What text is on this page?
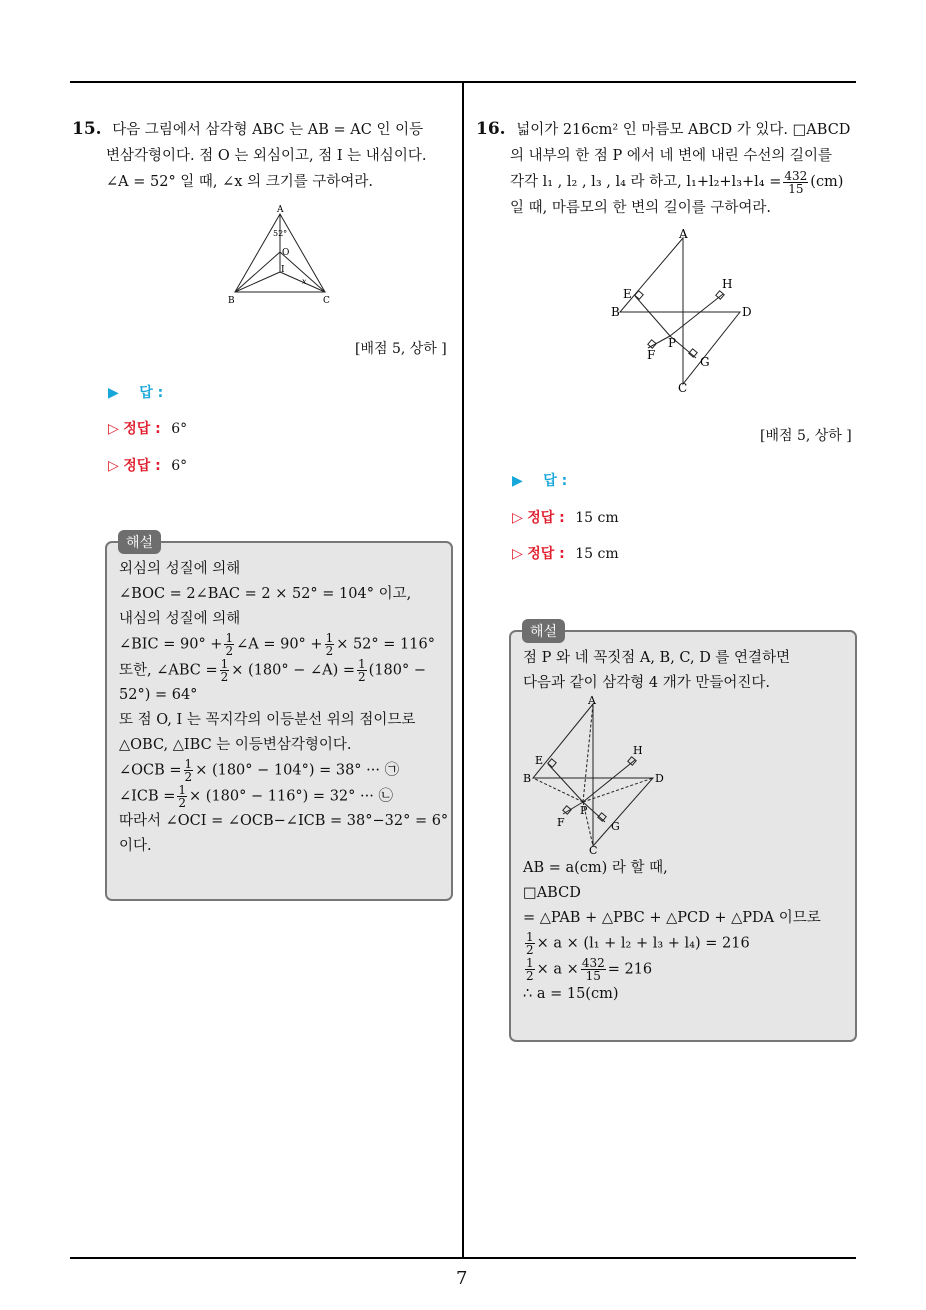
7
15. 다음 그림에서 삼각형 ABC 는 AB = AC 인 이등
변삼각형이다. 점 O 는 외심이고, 점 I 는 내심이다.
∠A = 52° 일 때, ∠x 의 크기를 구하여라.
A
52°
O
I
x
B	C
[배점 5, 상하 ]
▶ 답 :
▷ 정답 : 6°
▷ 정답 : 6°
외심의 성질에 의해
∠BOC = 2∠BAC = 2 × 52° = 104° 이고,
내심의 성질에 의해
∠BIC = $90^\circ + \frac{1}{2}$ ∠A = $90^\circ + \frac{1}{2} \times 52^\circ = 116^\circ$
또한, ∠ABC = $\frac{1}{2} \times (180^\circ$ − ∠A) = $\frac{1}{2} (180^\circ$ −
52°) = 64°
또 점 O, I 는 꼭지각의 이등분선 위의 점이므로
△OBC, △IBC 는 이등변삼각형이다.
∠OCB = $\frac{1}{2} \times (180^\circ - 104^\circ) = 38^\circ$ ··· ㉠
∠ICB = $\frac{1}{2} \times (180^\circ - 116^\circ) = 32^\circ$ ··· ㉡
따라서 ∠OCI = ∠OCB−∠ICB = 38°−32° = 6°
이다.
해설
16. 넓이가 216cm² 인 마름모 ABCD 가 있다. □ABCD
의 내부의 한 점 P 에서 네 변에 내린 수선의 길이를
각각 l₁ , l₂ , l₃ , l₄ 라 하고, $l_1+l_2+l_3+l_4 = \frac{432}{15} (cm)$
일 때, 마름모의 한 변의 길이를 구하여라.
A
E
H
B	D
P
F	G
C
[배점 5, 상하 ]
▶ 답 :
▷ 정답 : 15 cm
▷ 정답 : 15 cm
점 P 와 네 꼭짓점 A, B, C, D 를 연결하면
다음과 같이 삼각형 4 개가 만들어진다.
A
E
H
B	D
P
F	G
C
AB = a(cm) 라 할 때,
□ABCD
= △PAB + △PBC + △PCD + △PDA 이므로
$\frac{1}{2} \times a \times (l_1 + l_2 + l_3 + l_4) = 216$
$\frac{1}{2} \times a \times \frac{432}{15} = 216$
∴ a = 15(cm)
해설
